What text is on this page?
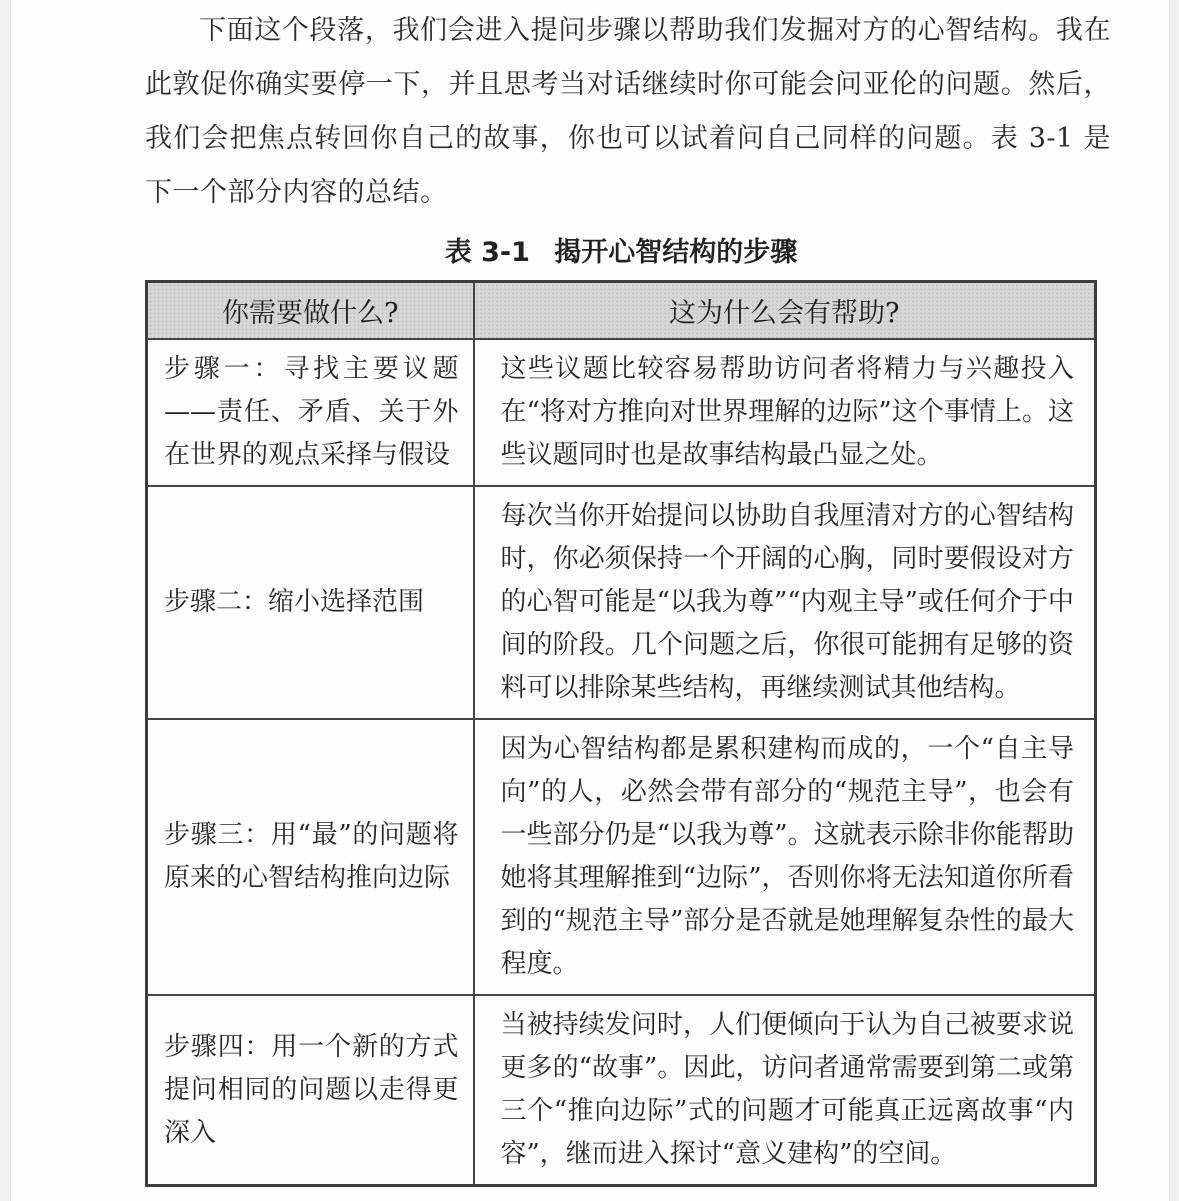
下面这个段落，我们会进入提问步骤以帮助我们发掘对方的心智结构。我在此敦促你确实要停一下，并且思考当对话继续时你可能会问亚伦的问题。然后，我们会把焦点转回你自己的故事，你也可以试着问自己同样的问题。表 3-1 是下一个部分内容的总结。

表 3-1 揭开心智结构的步骤
你需要做什么?	这为什么会有帮助?
步骤一：寻找主要议题——责任、矛盾、关于外在世界的观点采择与假设	这些议题比较容易帮助访问者将精力与兴趣投入在“将对方推向对世界理解的边际”这个事情上。这些议题同时也是故事结构最凸显之处。
步骤二：缩小选择范围	每次当你开始提问以协助自我厘清对方的心智结构时，你必须保持一个开阔的心胸，同时要假设对方的心智可能是“以我为尊”“内观主导”或任何介于中间的阶段。几个问题之后，你很可能拥有足够的资料可以排除某些结构，再继续测试其他结构。
步骤三：用“最”的问题将原来的心智结构推向边际	因为心智结构都是累积建构而成的，一个“自主导向”的人，必然会带有部分的“规范主导”，也会有一些部分仍是“以我为尊”。这就表示除非你能帮助她将其理解推到“边际”，否则你将无法知道你所看到的“规范主导”部分是否就是她理解复杂性的最大程度。
步骤四：用一个新的方式提问相同的问题以走得更深入	当被持续发问时，人们便倾向于认为自己被要求说更多的“故事”。因此，访问者通常需要到第二或第三个“推向边际”式的问题才可能真正远离故事“内容”，继而进入探讨“意义建构”的空间。
